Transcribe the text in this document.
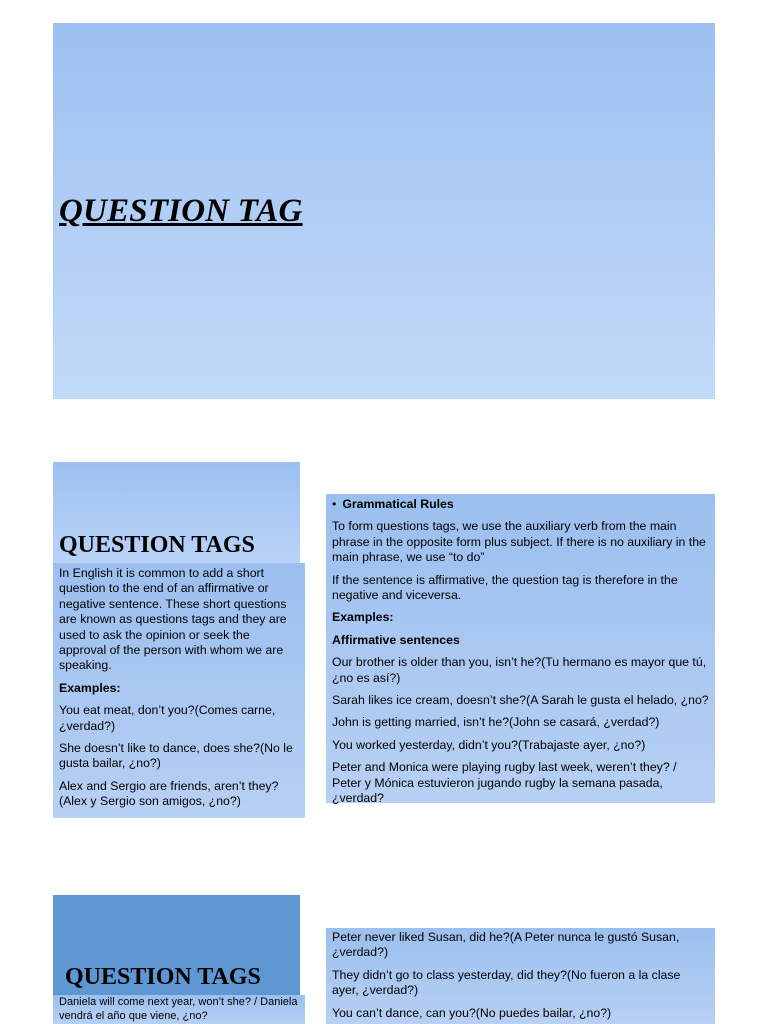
QUESTION TAG
QUESTION TAGS

In English it is common to add a short question to the end of an affirmative or negative sentence. These short questions are known as questions tags and they are used to ask the opinion or seek the approval of the person with whom we are speaking.

Examples:

You eat meat, don’t you?(Comes carne, ¿verdad?)

She doesn’t like to dance, does she?(No le gusta bailar, ¿no?)

Alex and Sergio are friends, aren’t they?(Alex y Sergio son amigos, ¿no?)

• Grammatical Rules

To form questions tags, we use the auxiliary verb from the main phrase in the opposite form plus subject. If there is no auxiliary in the main phrase, we use “to do”

If the sentence is affirmative, the question tag is therefore in the negative and viceversa.

Examples:

Affirmative sentences

Our brother is older than you, isn’t he?(Tu hermano es mayor que tú, ¿no es así?)

Sarah likes ice cream, doesn’t she?(A Sarah le gusta el helado, ¿no?

John is getting married, isn’t he?(John se casará, ¿verdad?)

You worked yesterday, didn’t you?(Trabajaste ayer, ¿no?)

Peter and Monica were playing rugby last week, weren’t they? / Peter y Mónica estuvieron jugando rugby la semana pasada, ¿verdad?

QUESTION TAGS
Daniela will come next year, won’t she? / Daniela vendrá el año que viene, ¿no?

Peter never liked Susan, did he?(A Peter nunca le gustó Susan, ¿verdad?)

They didn’t go to class yesterday, did they?(No fueron a la clase ayer, ¿verdad?)

You can’t dance, can you?(No puedes bailar, ¿no?)
